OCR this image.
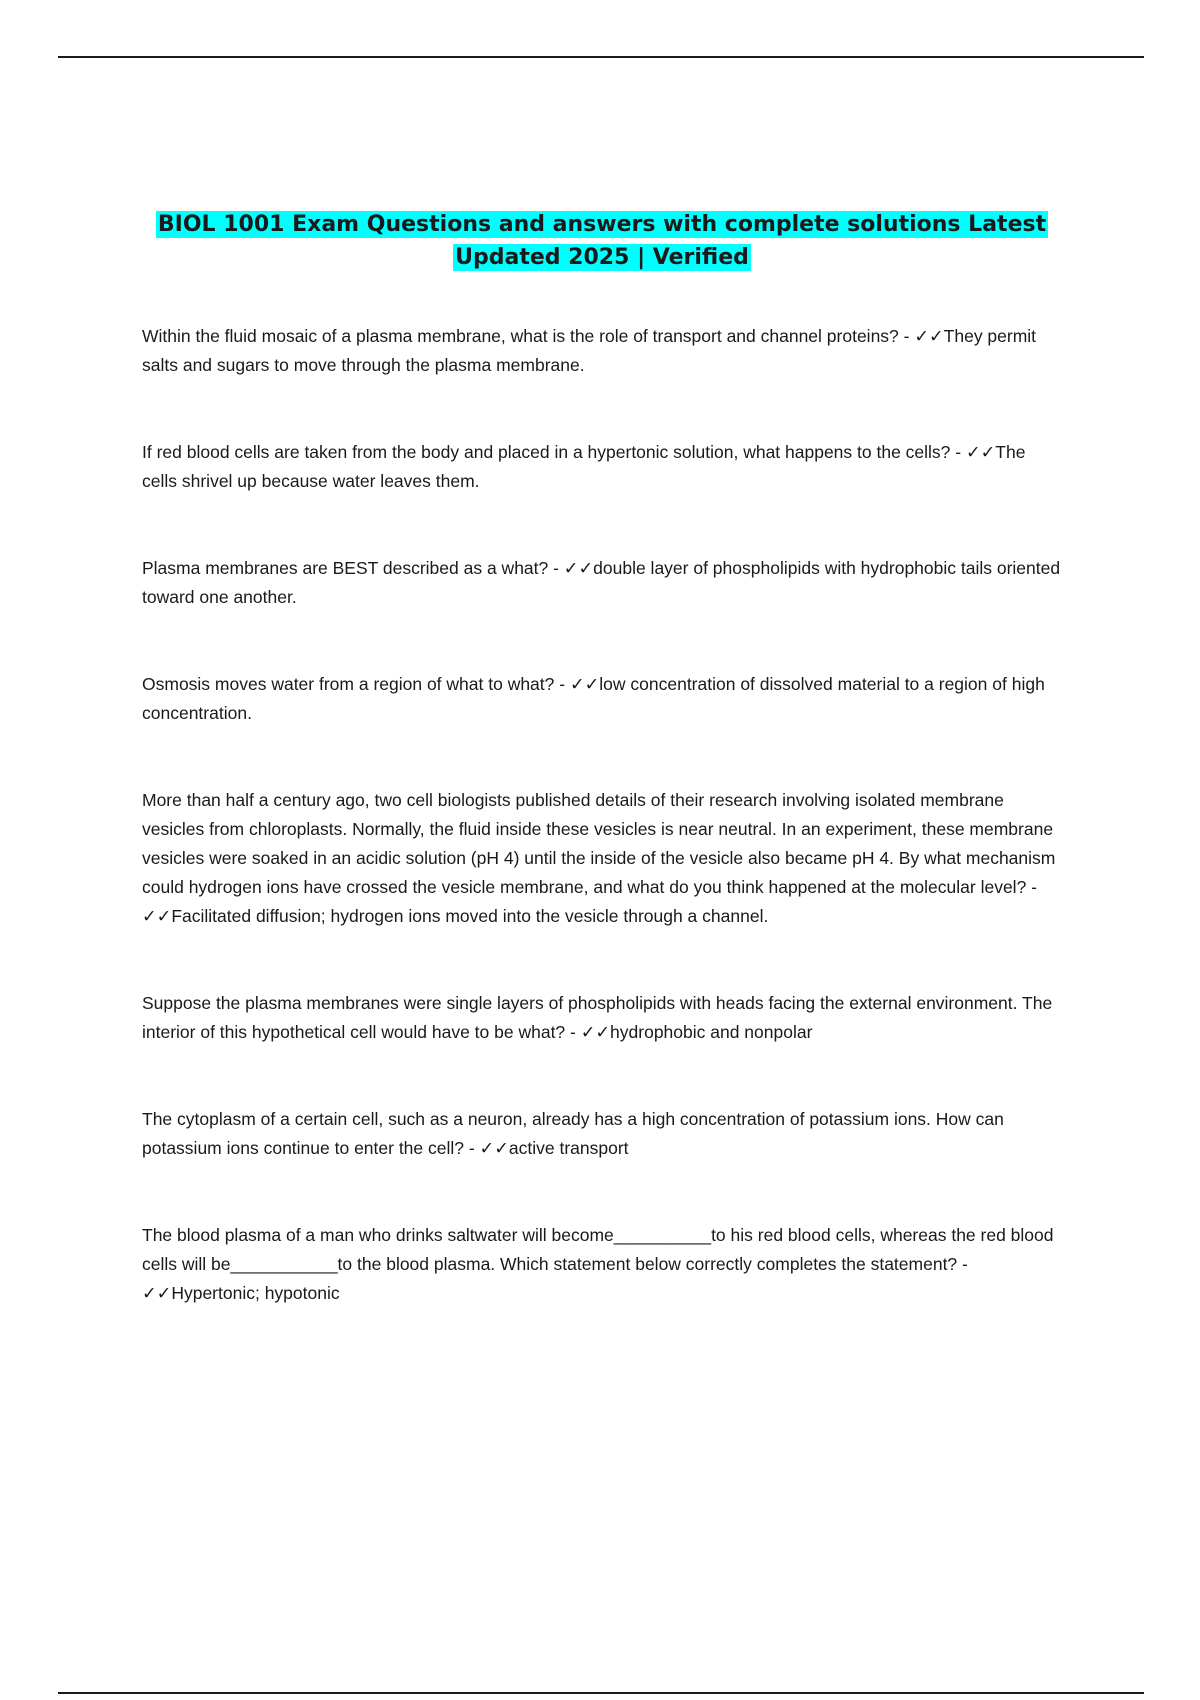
BIOL 1001 Exam Questions and answers with complete solutions Latest Updated 2025 | Verified

Within the fluid mosaic of a plasma membrane, what is the role of transport and channel proteins? - ✓✓They permit salts and sugars to move through the plasma membrane.

If red blood cells are taken from the body and placed in a hypertonic solution, what happens to the cells? - ✓✓The cells shrivel up because water leaves them.

Plasma membranes are BEST described as a what? - ✓✓double layer of phospholipids with hydrophobic tails oriented toward one another.

Osmosis moves water from a region of what to what? - ✓✓low concentration of dissolved material to a region of high concentration.

More than half a century ago, two cell biologists published details of their research involving isolated membrane vesicles from chloroplasts. Normally, the fluid inside these vesicles is near neutral. In an experiment, these membrane vesicles were soaked in an acidic solution (pH 4) until the inside of the vesicle also became pH 4. By what mechanism could hydrogen ions have crossed the vesicle membrane, and what do you think happened at the molecular level? - ✓✓Facilitated diffusion; hydrogen ions moved into the vesicle through a channel.

Suppose the plasma membranes were single layers of phospholipids with heads facing the external environment. The interior of this hypothetical cell would have to be what? - ✓✓hydrophobic and nonpolar

The cytoplasm of a certain cell, such as a neuron, already has a high concentration of potassium ions. How can potassium ions continue to enter the cell? - ✓✓active transport

The blood plasma of a man who drinks saltwater will become__________to his red blood cells, whereas the red blood cells will be___________to the blood plasma. Which statement below correctly completes the statement? - ✓✓Hypertonic; hypotonic
